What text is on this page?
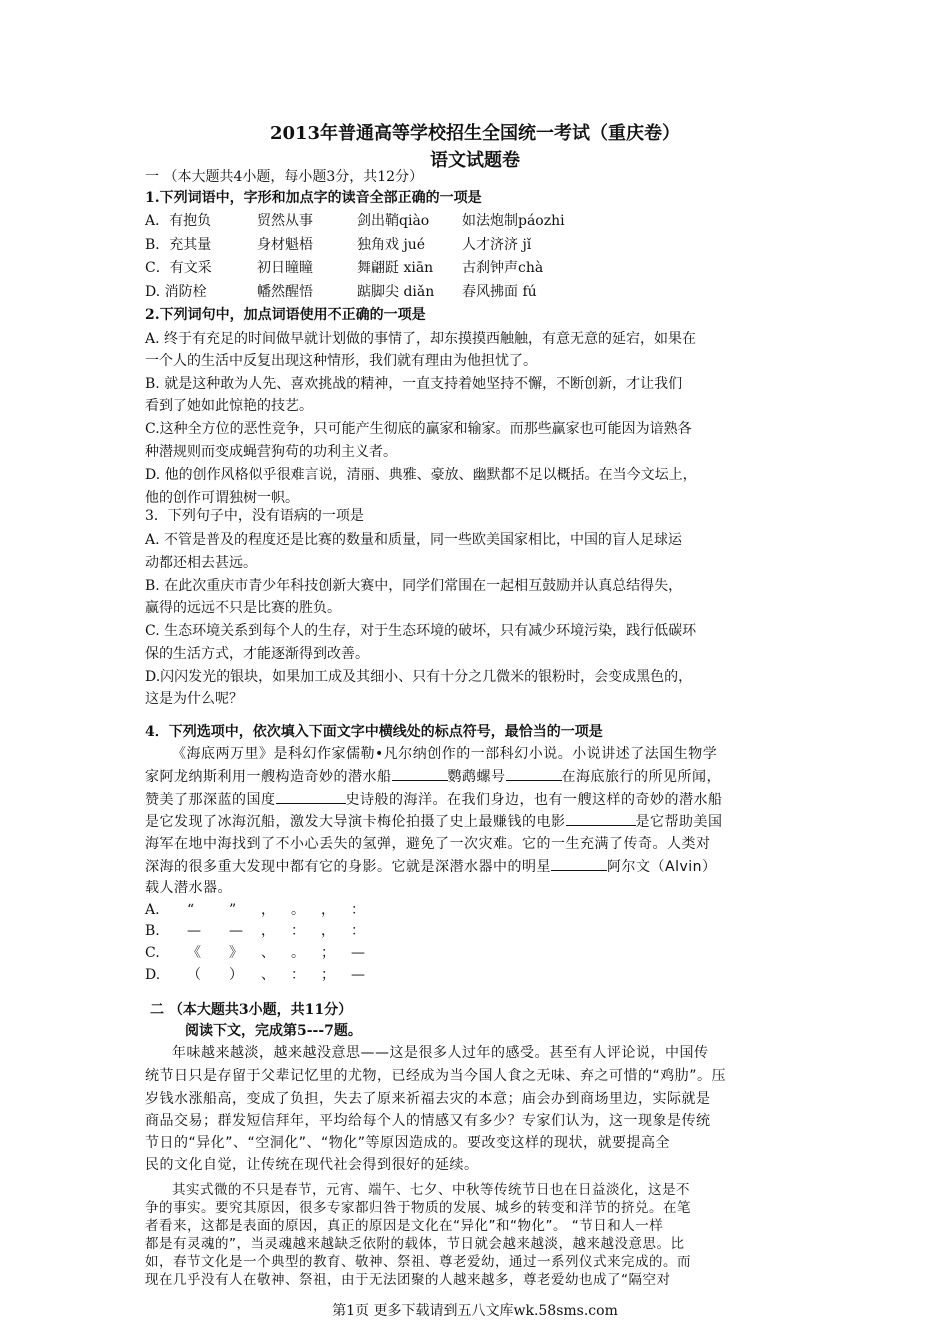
2013年普通高等学校招生全国统一考试（重庆卷）
语文试题卷
一 （本大题共4小题，每小题3分，共12分）
1.下列词语中，字形和加点字的读音全部正确的一项是
A．有抱负	贸然从事	剑出鞘qiào 如法炮制páozhi
B．充其量	身材魁梧	独角戏 jué	人才济济 jǐ
C．有文采	初日瞳瞳	舞翩跹 xiān 古刹钟声chà
D. 消防栓	幡然醒悟	踮脚尖 diǎn 春风拂面 fú
2.下列词句中，加点词语使用不正确的一项是
A. 终于有充足的时间做早就计划做的事情了，却东摸摸西触触，有意无意的延宕，如果在
一个人的生活中反复出现这种情形，我们就有理由为他担忧了。
B. 就是这种敢为人先、喜欢挑战的精神，一直支持着她坚持不懈，不断创新，才让我们
看到了她如此惊艳的技艺。
C.这种全方位的恶性竞争，只可能产生彻底的赢家和输家。而那些赢家也可能因为谙熟各
种潜规则而变成蝇营狗苟的功利主义者。
D. 他的创作风格似乎很难言说，清丽、典雅、豪放、幽默都不足以概括。在当今文坛上，
他的创作可谓独树一帜。
3．下列句子中，没有语病的一项是
A. 不管是普及的程度还是比赛的数量和质量，同一些欧美国家相比，中国的盲人足球运
动都还相去甚远。
B. 在此次重庆市青少年科技创新大赛中，同学们常围在一起相互鼓励并认真总结得失，
赢得的远远不只是比赛的胜负。
C. 生态环境关系到每个人的生存，对于生态环境的破坏，只有减少环境污染，践行低碳环
保的生活方式，才能逐渐得到改善。
D.闪闪发光的银块，如果加工成及其细小、只有十分之几微米的银粉时，会变成黑色的，
这是为什么呢？
4．下列选项中，依次填入下面文字中横线处的标点符号，最恰当的一项是
《海底两万里》是科幻作家儒勒•凡尔纳创作的一部科幻小说。小说讲述了法国生物学
家阿龙纳斯利用一艘构造奇妙的潜水船	鹦鹉螺号	在海底旅行的所见所闻，
赞美了那深蓝的国度	史诗般的海洋。在我们身边，也有一艘这样的奇妙的潜水船
是它发现了冰海沉船，激发大导演卡梅伦拍摄了史上最赚钱的电影	是它帮助美国
海军在地中海找到了不小心丢失的氢弹，避免了一次灾难。它的一生充满了传奇。人类对
深海的很多重大发现中都有它的身影。它就是深潜水器中的明星	阿尔文（Alvin）
载人潜水器。
A. “ ” ， 。 ， ：
B. — — ， ： ， ：
C. 《 》 、 。 ； —
D. （ ） 、 ： ； —
二 （本大题共3小题，共11分）
阅读下文，完成第5---7题。
年味越来越淡，越来越没意思——这是很多人过年的感受。甚至有人评论说，中国传
统节日只是存留于父辈记忆里的尤物，已经成为当今国人食之无味、弃之可惜的“鸡肋”。压
岁钱水涨船高，变成了负担，失去了原来祈福去灾的本意；庙会办到商场里边，实际就是
商品交易；群发短信拜年，平均给每个人的情感又有多少？专家们认为，这一现象是传统
节日的“异化”、“空洞化”、“物化”等原因造成的。要改变这样的现状，就要提高全
民的文化自觉，让传统在现代社会得到很好的延续。
其实式微的不只是春节，元宵、端午、七夕、中秋等传统节日也在日益淡化，这是不
争的事实。要究其原因，很多专家都归咎于物质的发展、城乡的转变和洋节的挤兑。在笔
第1页 更多下载请到五八文库wk.58sms.com
者看来，这都是表面的原因，真正的原因是文化在“异化”和“物化”。 “节日和人一样
都是有灵魂的”，当灵魂越来越缺乏依附的载体，节日就会越来越淡，越来越没意思。比
如，春节文化是一个典型的教育、敬神、祭祖、尊老爱幼，通过一系列仪式来完成的。而
现在几乎没有人在敬神、祭祖，由于无法团聚的人越来越多，尊老爱幼也成了“隔空对
